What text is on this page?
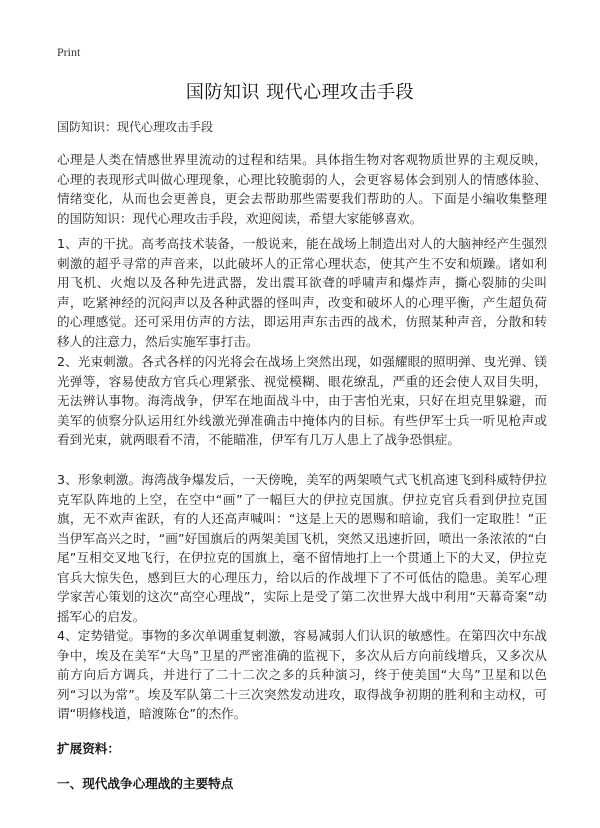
Print
国防知识 现代心理攻击手段
国防知识：现代心理攻击手段

心理是人类在情感世界里流动的过程和结果。具体指生物对客观物质世界的主观反映，心理的表现形式叫做心理现象，心理比较脆弱的人，会更容易体会到别人的情感体验、情绪变化，从而也会更善良，更会去帮助那些需要我们帮助的人。下面是小编收集整理的国防知识：现代心理攻击手段，欢迎阅读，希望大家能够喜欢。

1、声的干扰。高考高技术装备，一般说来，能在战场上制造出对人的大脑神经产生强烈刺激的超乎寻常的声音来，以此破坏人的正常心理状态，使其产生不安和烦躁。诸如利用飞机、火炮以及各种先进武器，发出震耳欲聋的呼啸声和爆炸声，撕心裂肺的尖叫声，吃紧神经的沉闷声以及各种武器的怪叫声，改变和破坏人的心理平衡，产生超负荷的心理感觉。还可采用仿声的方法，即运用声东击西的战术，仿照某种声音，分散和转移人的注意力，然后实施军事打击。

2、光束刺激。各式各样的闪光将会在战场上突然出现，如强耀眼的照明弹、曳光弹、镁光弹等，容易使敌方官兵心理紧张、视觉模糊、眼花缭乱，严重的还会使人双目失明，无法辨认事物。海湾战争，伊军在地面战斗中，由于害怕光束，只好在坦克里躲避，而美军的侦察分队运用红外线激光弹准确击中掩体内的目标。有些伊军士兵一听见枪声或看到光束，就两眼看不清，不能瞄准，伊军有几万人患上了战争恐惧症。

3、形象刺激。海湾战争爆发后，一天傍晚，美军的两架喷气式飞机高速飞到科威特伊拉克军队阵地的上空，在空中“画”了一幅巨大的伊拉克国旗。伊拉克官兵看到伊拉克国旗，无不欢声雀跃，有的人还高声喊叫：“这是上天的恩赐和暗谕，我们一定取胜！”正当伊军高兴之时，“画”好国旗后的两架美国飞机，突然又迅速折回，喷出一条浓浓的“白尾”互相交叉地飞行，在伊拉克的国旗上，毫不留情地打上一个贯通上下的大叉，伊拉克官兵大惊失色，感到巨大的心理压力，给以后的作战埋下了不可低估的隐患。美军心理学家苦心策划的这次“高空心理战”，实际上是受了第二次世界大战中利用“天幕奇案”动摇军心的启发。

4、定势错觉。事物的多次单调重复刺激，容易减弱人们认识的敏感性。在第四次中东战争中，埃及在美军“大鸟”卫星的严密准确的监视下，多次从后方向前线增兵，又多次从前方向后方调兵，并进行了二十二次之多的兵种演习，终于使美国“大鸟”卫星和以色列“习以为常”。埃及军队第二十三次突然发动进攻，取得战争初期的胜利和主动权，可谓“明修栈道，暗渡陈仓”的杰作。

扩展资料：
一、现代战争心理战的主要特点
